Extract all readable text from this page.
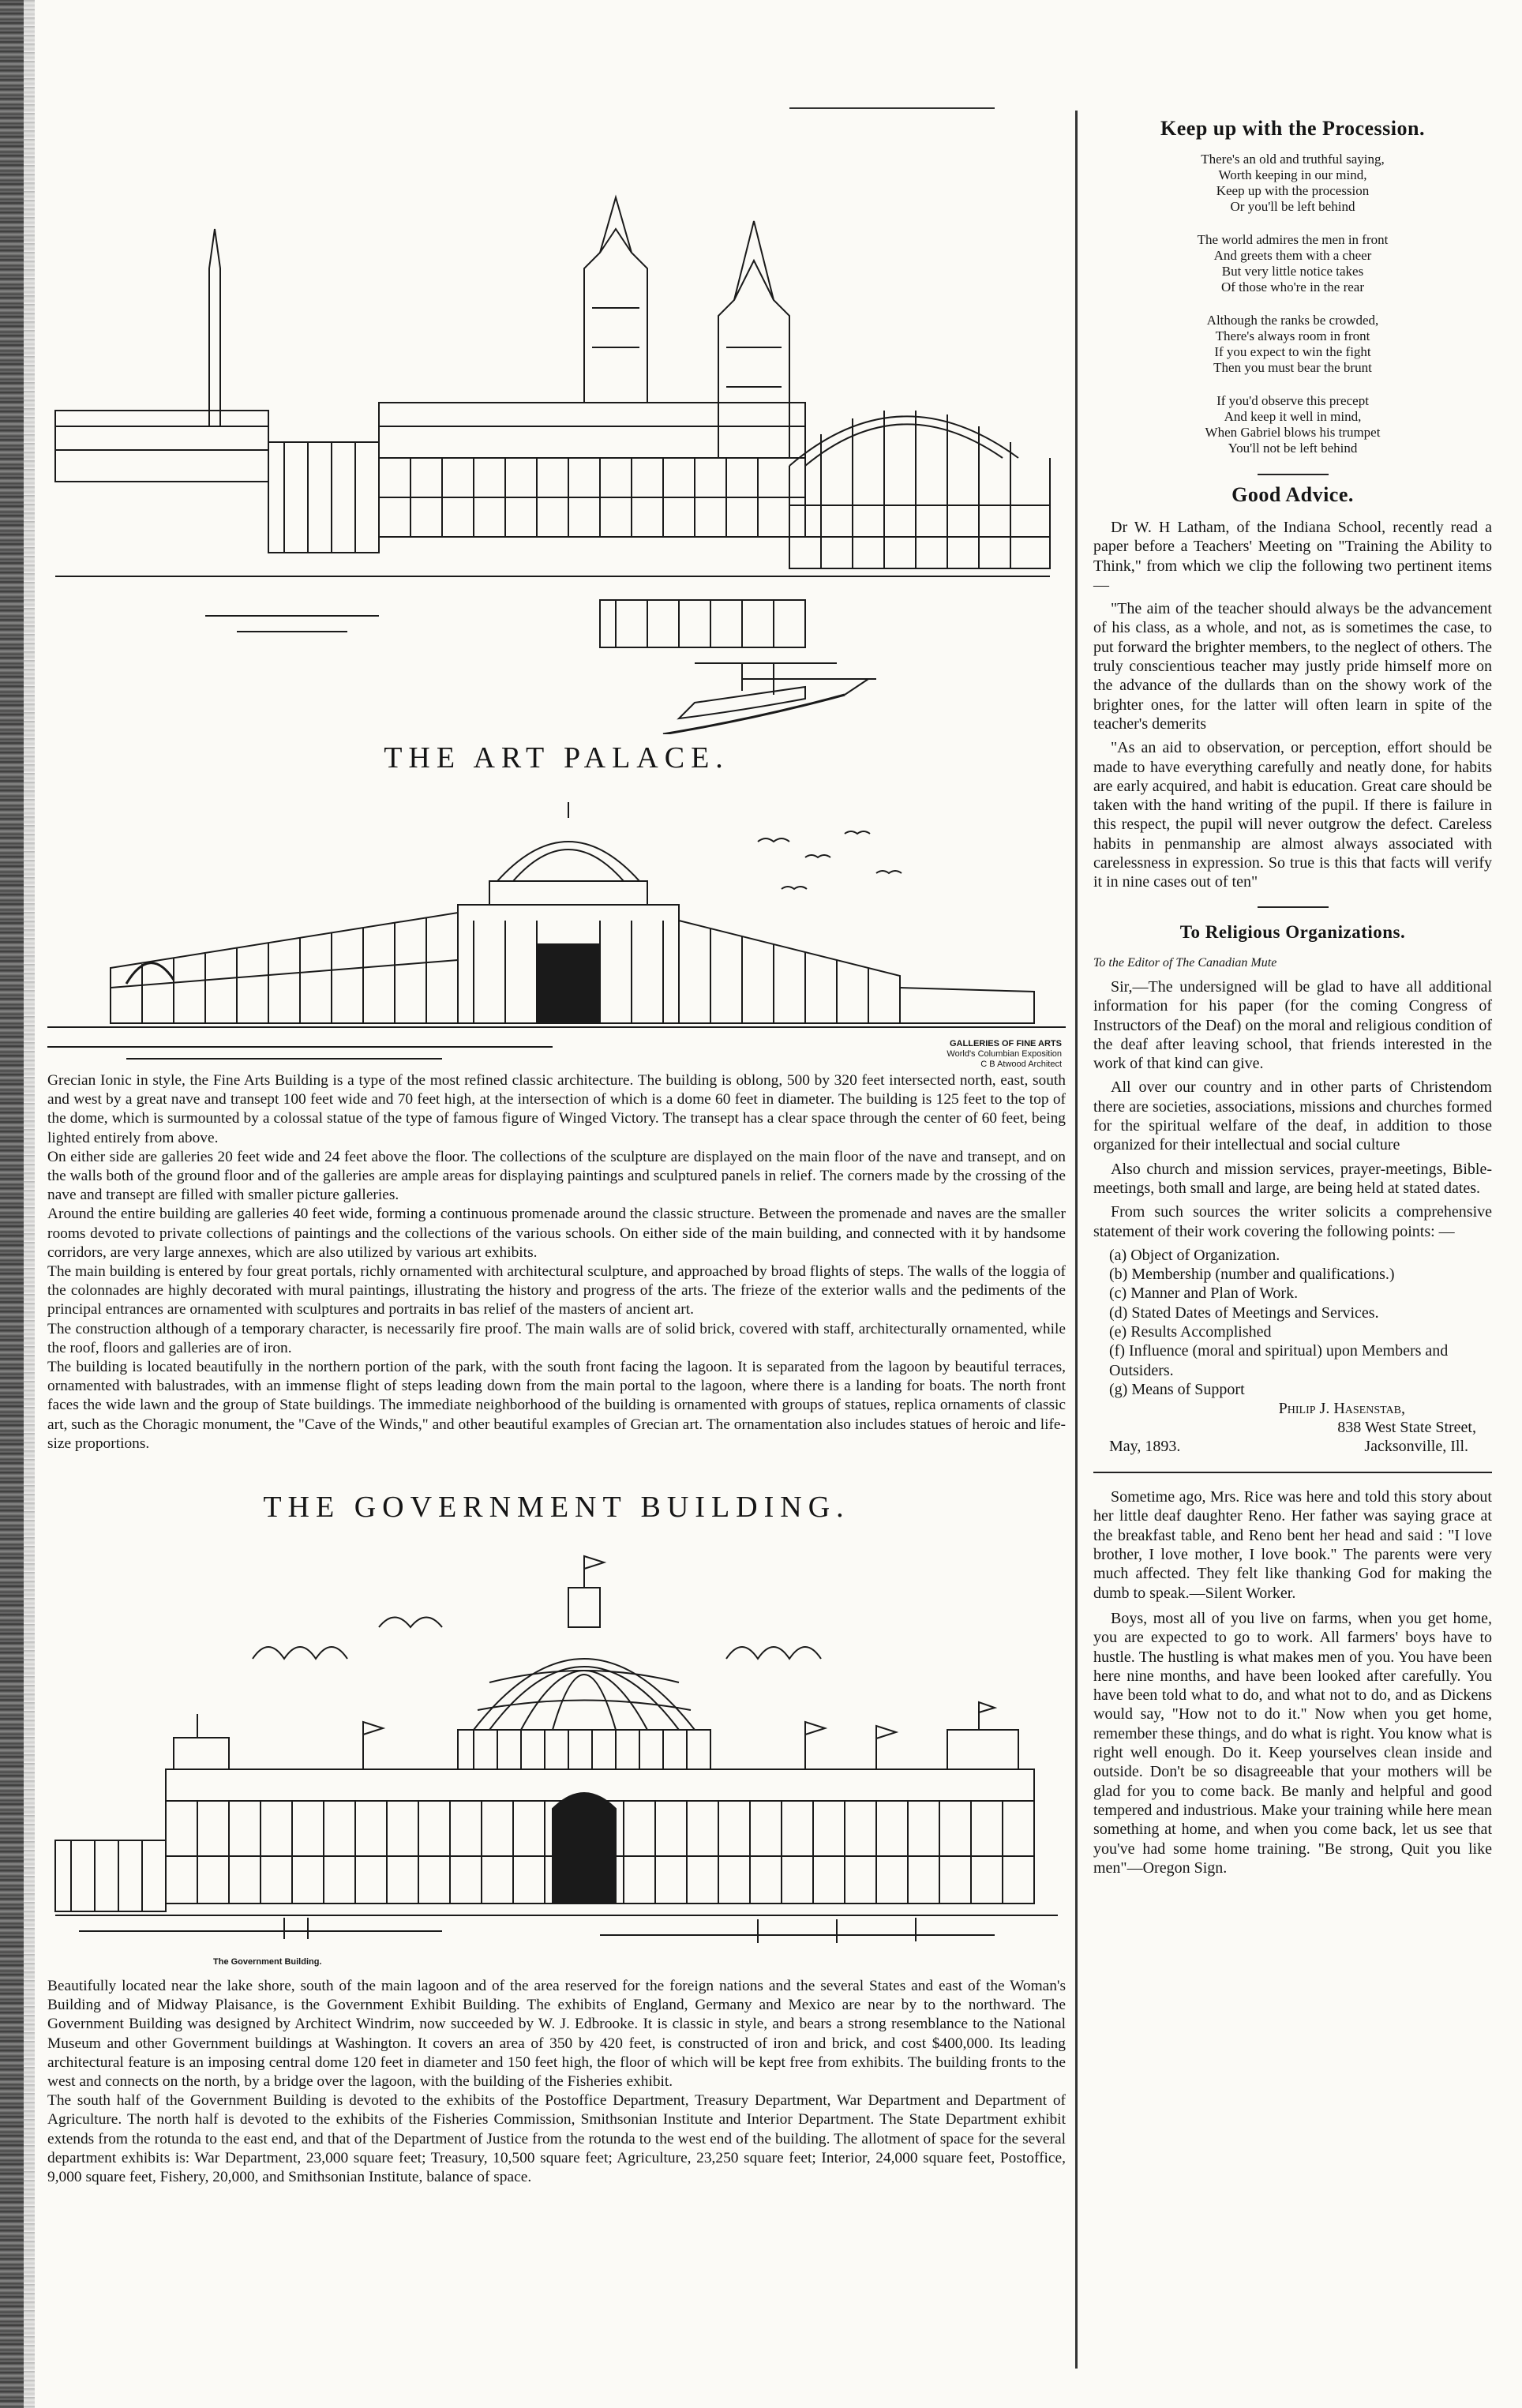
THE ART PALACE.
GALLERIES OF FINE ARTS
World's Columbian Exposition
C B Atwood Architect

Grecian Ionic in style, the Fine Arts Building is a type of the most refined classic architecture. The building is oblong, 500 by 320 feet intersected north, east, south and west by a great nave and transept 100 feet wide and 70 feet high, at the intersection of which is a dome 60 feet in diameter. The building is 125 feet to the top of the dome, which is surmounted by a colossal statue of the type of famous figure of Winged Victory. The transept has a clear space through the center of 60 feet, being lighted entirely from above.

On either side are galleries 20 feet wide and 24 feet above the floor. The collections of the sculpture are displayed on the main floor of the nave and transept, and on the walls both of the ground floor and of the galleries are ample areas for displaying paintings and sculptured panels in relief. The corners made by the crossing of the nave and transept are filled with smaller picture galleries.

Around the entire building are galleries 40 feet wide, forming a continuous promenade around the classic structure. Between the promenade and naves are the smaller rooms devoted to private collections of paintings and the collections of the various schools. On either side of the main building, and connected with it by handsome corridors, are very large annexes, which are also utilized by various art exhibits.

The main building is entered by four great portals, richly ornamented with architectural sculpture, and approached by broad flights of steps. The walls of the loggia of the colonnades are highly decorated with mural paintings, illustrating the history and progress of the arts. The frieze of the exterior walls and the pediments of the principal entrances are ornamented with sculptures and portraits in bas relief of the masters of ancient art.

The construction although of a temporary character, is necessarily fire proof. The main walls are of solid brick, covered with staff, architecturally ornamented, while the roof, floors and galleries are of iron.

The building is located beautifully in the northern portion of the park, with the south front facing the lagoon. It is separated from the lagoon by beautiful terraces, ornamented with balustrades, with an immense flight of steps leading down from the main portal to the lagoon, where there is a landing for boats. The north front faces the wide lawn and the group of State buildings. The immediate neighborhood of the building is ornamented with groups of statues, replica ornaments of classic art, such as the Choragic monument, the "Cave of the Winds," and other beautiful examples of Grecian art. The ornamentation also includes statues of heroic and life-size proportions.

THE GOVERNMENT BUILDING.
The Government Building.

Beautifully located near the lake shore, south of the main lagoon and of the area reserved for the foreign nations and the several States and east of the Woman's Building and of Midway Plaisance, is the Government Exhibit Building. The exhibits of England, Germany and Mexico are near by to the northward. The Government Building was designed by Architect Windrim, now succeeded by W. J. Edbrooke. It is classic in style, and bears a strong resemblance to the National Museum and other Government buildings at Washington. It covers an area of 350 by 420 feet, is constructed of iron and brick, and cost $400,000. Its leading architectural feature is an imposing central dome 120 feet in diameter and 150 feet high, the floor of which will be kept free from exhibits. The building fronts to the west and connects on the north, by a bridge over the lagoon, with the building of the Fisheries exhibit.

The south half of the Government Building is devoted to the exhibits of the Postoffice Department, Treasury Department, War Department and Department of Agriculture. The north half is devoted to the exhibits of the Fisheries Commission, Smithsonian Institute and Interior Department. The State Department exhibit extends from the rotunda to the east end, and that of the Department of Justice from the rotunda to the west end of the building. The allotment of space for the several department exhibits is: War Department, 23,000 square feet; Treasury, 10,500 square feet; Agriculture, 23,250 square feet; Interior, 24,000 square feet, Postoffice, 9,000 square feet, Fishery, 20,000, and Smithsonian Institute, balance of space.

Keep up with the Procession.
There's an old and truthful saying,
Worth keeping in our mind,
Keep up with the procession
Or you'll be left behind
The world admires the men in front
And greets them with a cheer
But very little notice takes
Of those who're in the rear
Although the ranks be crowded,
There's always room in front
If you expect to win the fight
Then you must bear the brunt
If you'd observe this precept
And keep it well in mind,
When Gabriel blows his trumpet
You'll not be left behind
Good Advice.
Dr W. H Latham, of the Indiana School, recently read a paper before a Teachers' Meeting on "Training the Ability to Think," from which we clip the following two pertinent items —
"The aim of the teacher should always be the advancement of his class, as a whole, and not, as is sometimes the case, to put forward the brighter members, to the neglect of others. The truly conscientious teacher may justly pride himself more on the advance of the dullards than on the showy work of the brighter ones, for the latter will often learn in spite of the teacher's demerits
"As an aid to observation, or perception, effort should be made to have everything carefully and neatly done, for habits are early acquired, and habit is education. Great care should be taken with the hand writing of the pupil. If there is failure in this respect, the pupil will never outgrow the defect. Careless habits in penmanship are almost always associated with carelessness in expression. So true is this that facts will verify it in nine cases out of ten"
To Religious Organizations.
To the Editor of The Canadian Mute
Sir,—The undersigned will be glad to have all additional information for his paper (for the coming Congress of Instructors of the Deaf) on the moral and religious condition of the deaf after leaving school, that friends interested in the work of that kind can give.
All over our country and in other parts of Christendom there are societies, associations, missions and churches formed for the spiritual welfare of the deaf, in addition to those organized for their intellectual and social culture
Also church and mission services, prayer-meetings, Bible-meetings, both small and large, are being held at stated dates.
From such sources the writer solicits a comprehensive statement of their work covering the following points: —
(a) Object of Organization.
(b) Membership (number and qualifications.)
(c) Manner and Plan of Work.
(d) Stated Dates of Meetings and Services.
(e) Results Accomplished
(f) Influence (moral and spiritual) upon Members and Outsiders.
(g) Means of Support
Philip J. Hasenstab,
838 West State Street,
May, 1893.	Jacksonville, Ill.
Sometime ago, Mrs. Rice was here and told this story about her little deaf daughter Reno. Her father was saying grace at the breakfast table, and Reno bent her head and said : "I love brother, I love mother, I love book." The parents were very much affected. They felt like thanking God for making the dumb to speak.—Silent Worker.
Boys, most all of you live on farms, when you get home, you are expected to go to work. All farmers' boys have to hustle. The hustling is what makes men of you. You have been here nine months, and have been looked after carefully. You have been told what to do, and what not to do, and as Dickens would say, "How not to do it." Now when you get home, remember these things, and do what is right. You know what is right well enough. Do it. Keep yourselves clean inside and outside. Don't be so disagreeable that your mothers will be glad for you to come back. Be manly and helpful and good tempered and industrious. Make your training while here mean something at home, and when you come back, let us see that you've had some home training. "Be strong, Quit you like men"—Oregon Sign.
